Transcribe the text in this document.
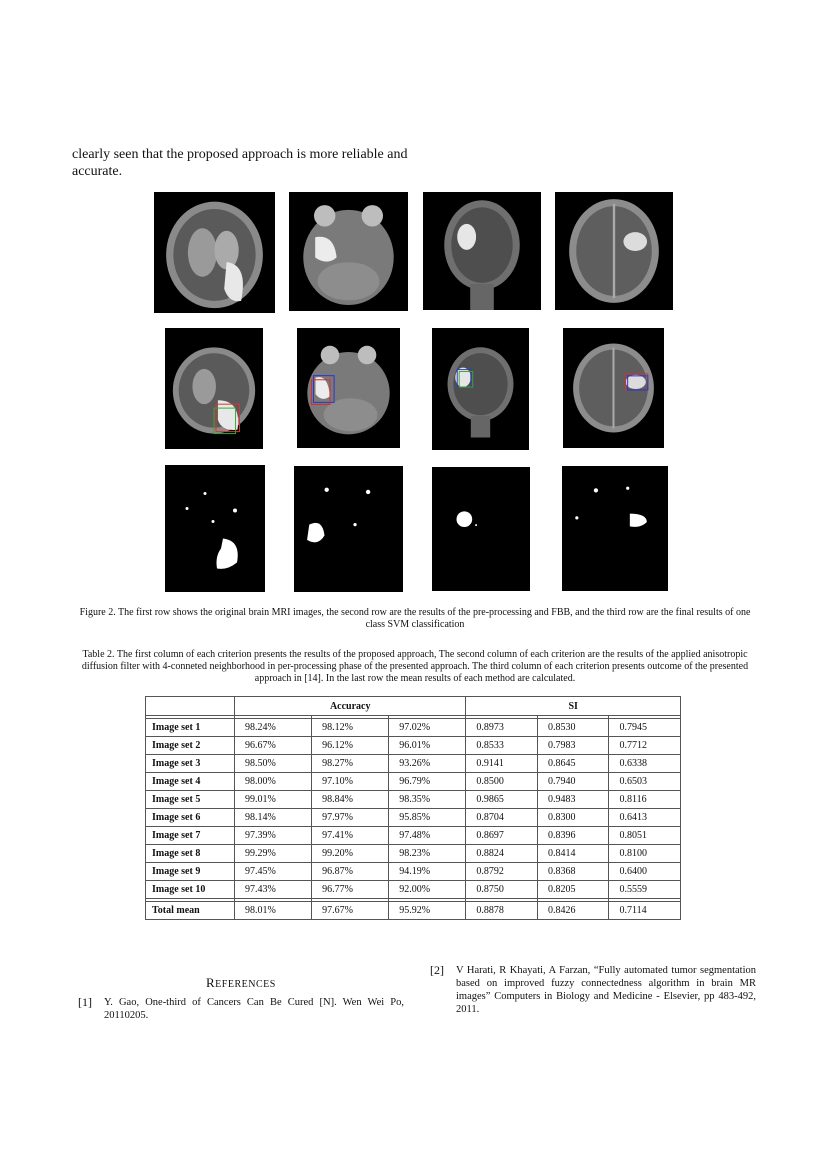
clearly seen that the proposed approach is more reliable and accurate.
Figure 2. The first row shows the original brain MRI images, the second row are the results of the pre-processing and FBB, and the third row are the final results of one class SVM classification
Table 2. The first column of each criterion presents the results of the proposed approach, The second column of each criterion are the results of the applied anisotropic diffusion filter with 4-conneted neighborhood in per-processing phase of the presented approach. The third column of each criterion presents outcome of the presented approach in [14]. In the last row the mean results of each method are calculated.
	Accuracy			SI		

Image set 1	98.24%	98.12%	97.02%	0.8973	0.8530	0.7945
Image set 2	96.67%	96.12%	96.01%	0.8533	0.7983	0.7712
Image set 3	98.50%	98.27%	93.26%	0.9141	0.8645	0.6338
Image set 4	98.00%	97.10%	96.79%	0.8500	0.7940	0.6503
Image set 5	99.01%	98.84%	98.35%	0.9865	0.9483	0.8116
Image set 6	98.14%	97.97%	95.85%	0.8704	0.8300	0.6413
Image set 7	97.39%	97.41%	97.48%	0.8697	0.8396	0.8051
Image set 8	99.29%	99.20%	98.23%	0.8824	0.8414	0.8100
Image set 9	97.45%	96.87%	94.19%	0.8792	0.8368	0.6400
Image set 10	97.43%	96.77%	92.00%	0.8750	0.8205	0.5559

Total mean	98.01%	97.67%	95.92%	0.8878	0.8426	0.7114
REFERENCES
[1] Y. Gao, One-third of Cancers Can Be Cured [N]. Wen Wei Po, 20110205.
[2] V Harati, R Khayati, A Farzan, “Fully automated tumor segmentation based on improved fuzzy connectedness algorithm in brain MR images” Computers in Biology and Medicine - Elsevier, pp 483-492, 2011.
